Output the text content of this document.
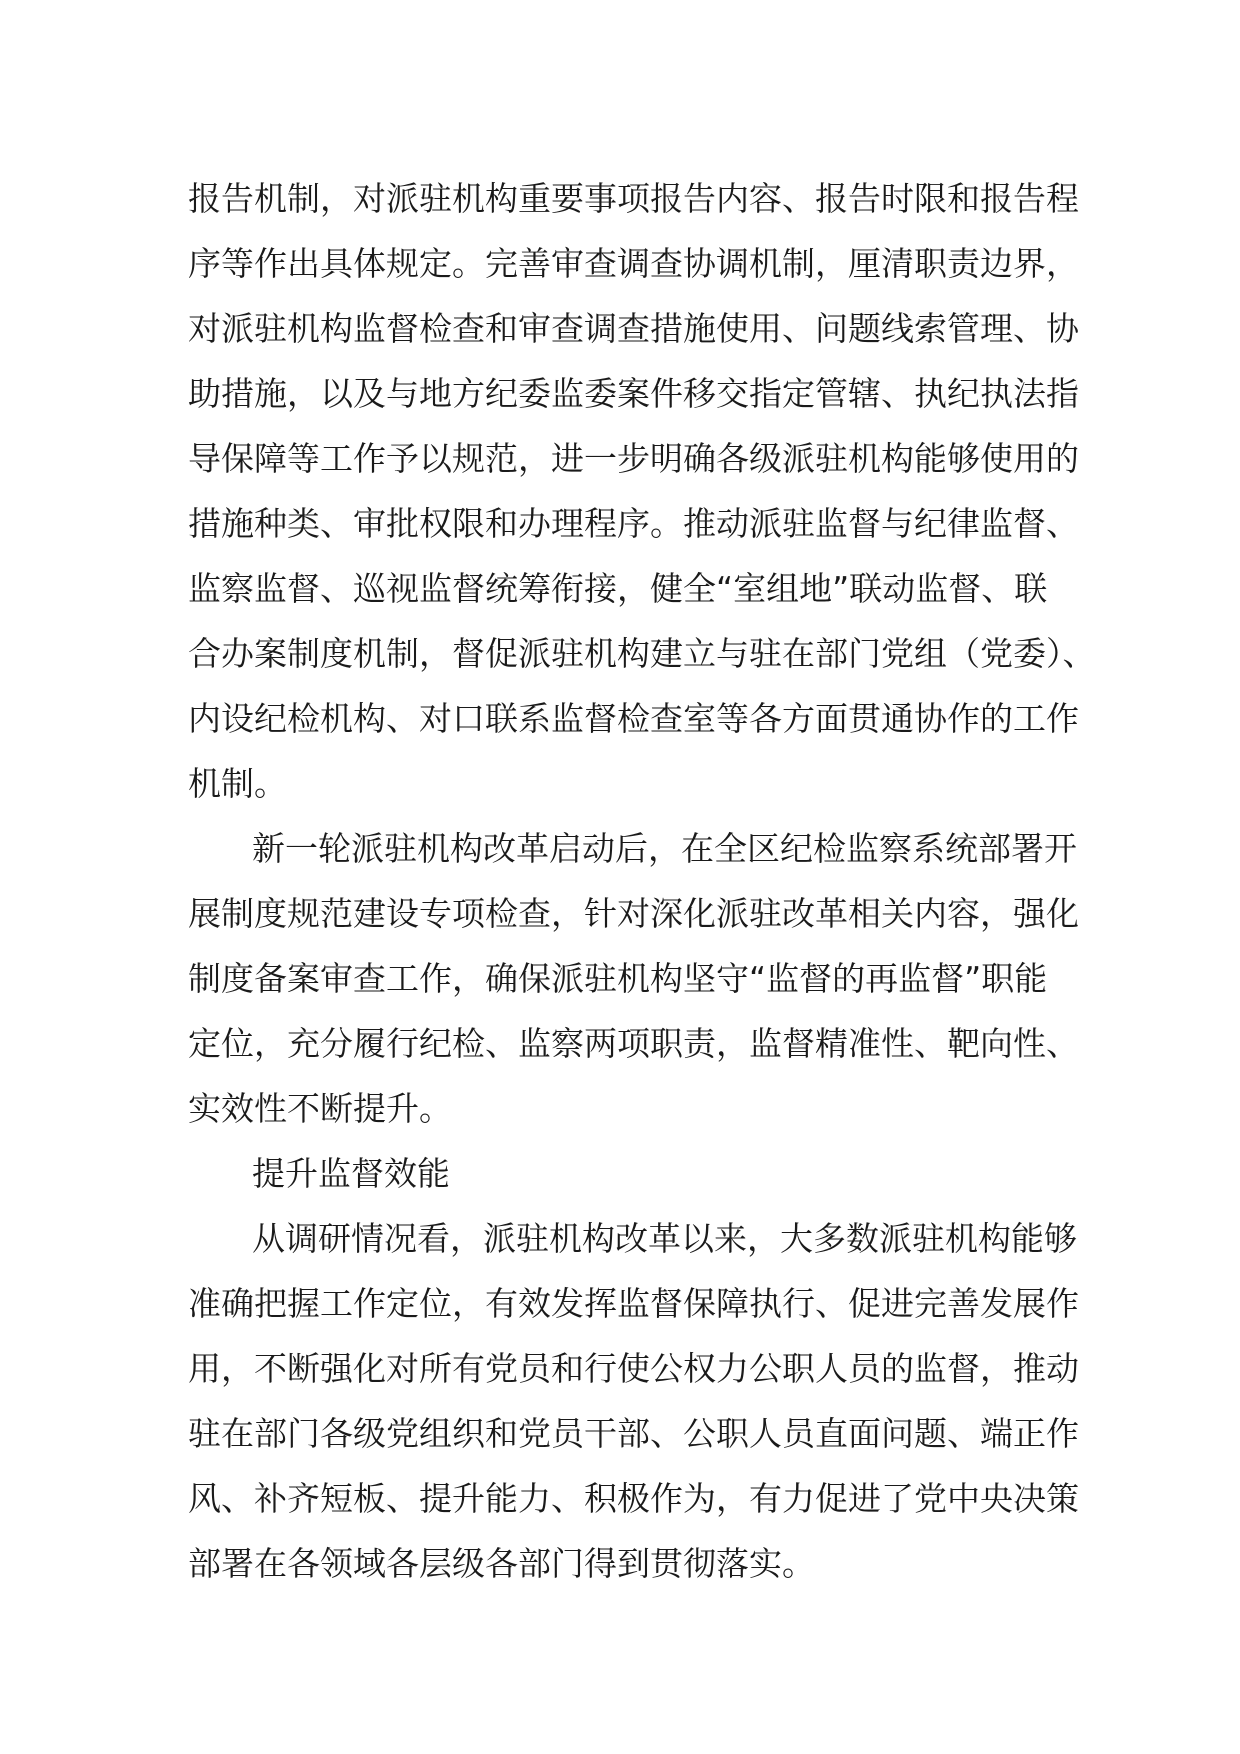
报告机制，对派驻机构重要事项报告内容、报告时限和报告程
序等作出具体规定。完善审查调查协调机制，厘清职责边界，
对派驻机构监督检查和审查调查措施使用、问题线索管理、协
助措施，以及与地方纪委监委案件移交指定管辖、执纪执法指
导保障等工作予以规范，进一步明确各级派驻机构能够使用的
措施种类、审批权限和办理程序。推动派驻监督与纪律监督、
监察监督、巡视监督统筹衔接，健全“室组地”联动监督、联
合办案制度机制，督促派驻机构建立与驻在部门党组（党委）、
内设纪检机构、对口联系监督检查室等各方面贯通协作的工作
机制。
新一轮派驻机构改革启动后，在全区纪检监察系统部署开
展制度规范建设专项检查，针对深化派驻改革相关内容，强化
制度备案审查工作，确保派驻机构坚守“监督的再监督”职能
定位，充分履行纪检、监察两项职责，监督精准性、靶向性、
实效性不断提升。
提升监督效能
从调研情况看，派驻机构改革以来，大多数派驻机构能够
准确把握工作定位，有效发挥监督保障执行、促进完善发展作
用，不断强化对所有党员和行使公权力公职人员的监督，推动
驻在部门各级党组织和党员干部、公职人员直面问题、端正作
风、补齐短板、提升能力、积极作为，有力促进了党中央决策
部署在各领域各层级各部门得到贯彻落实。
